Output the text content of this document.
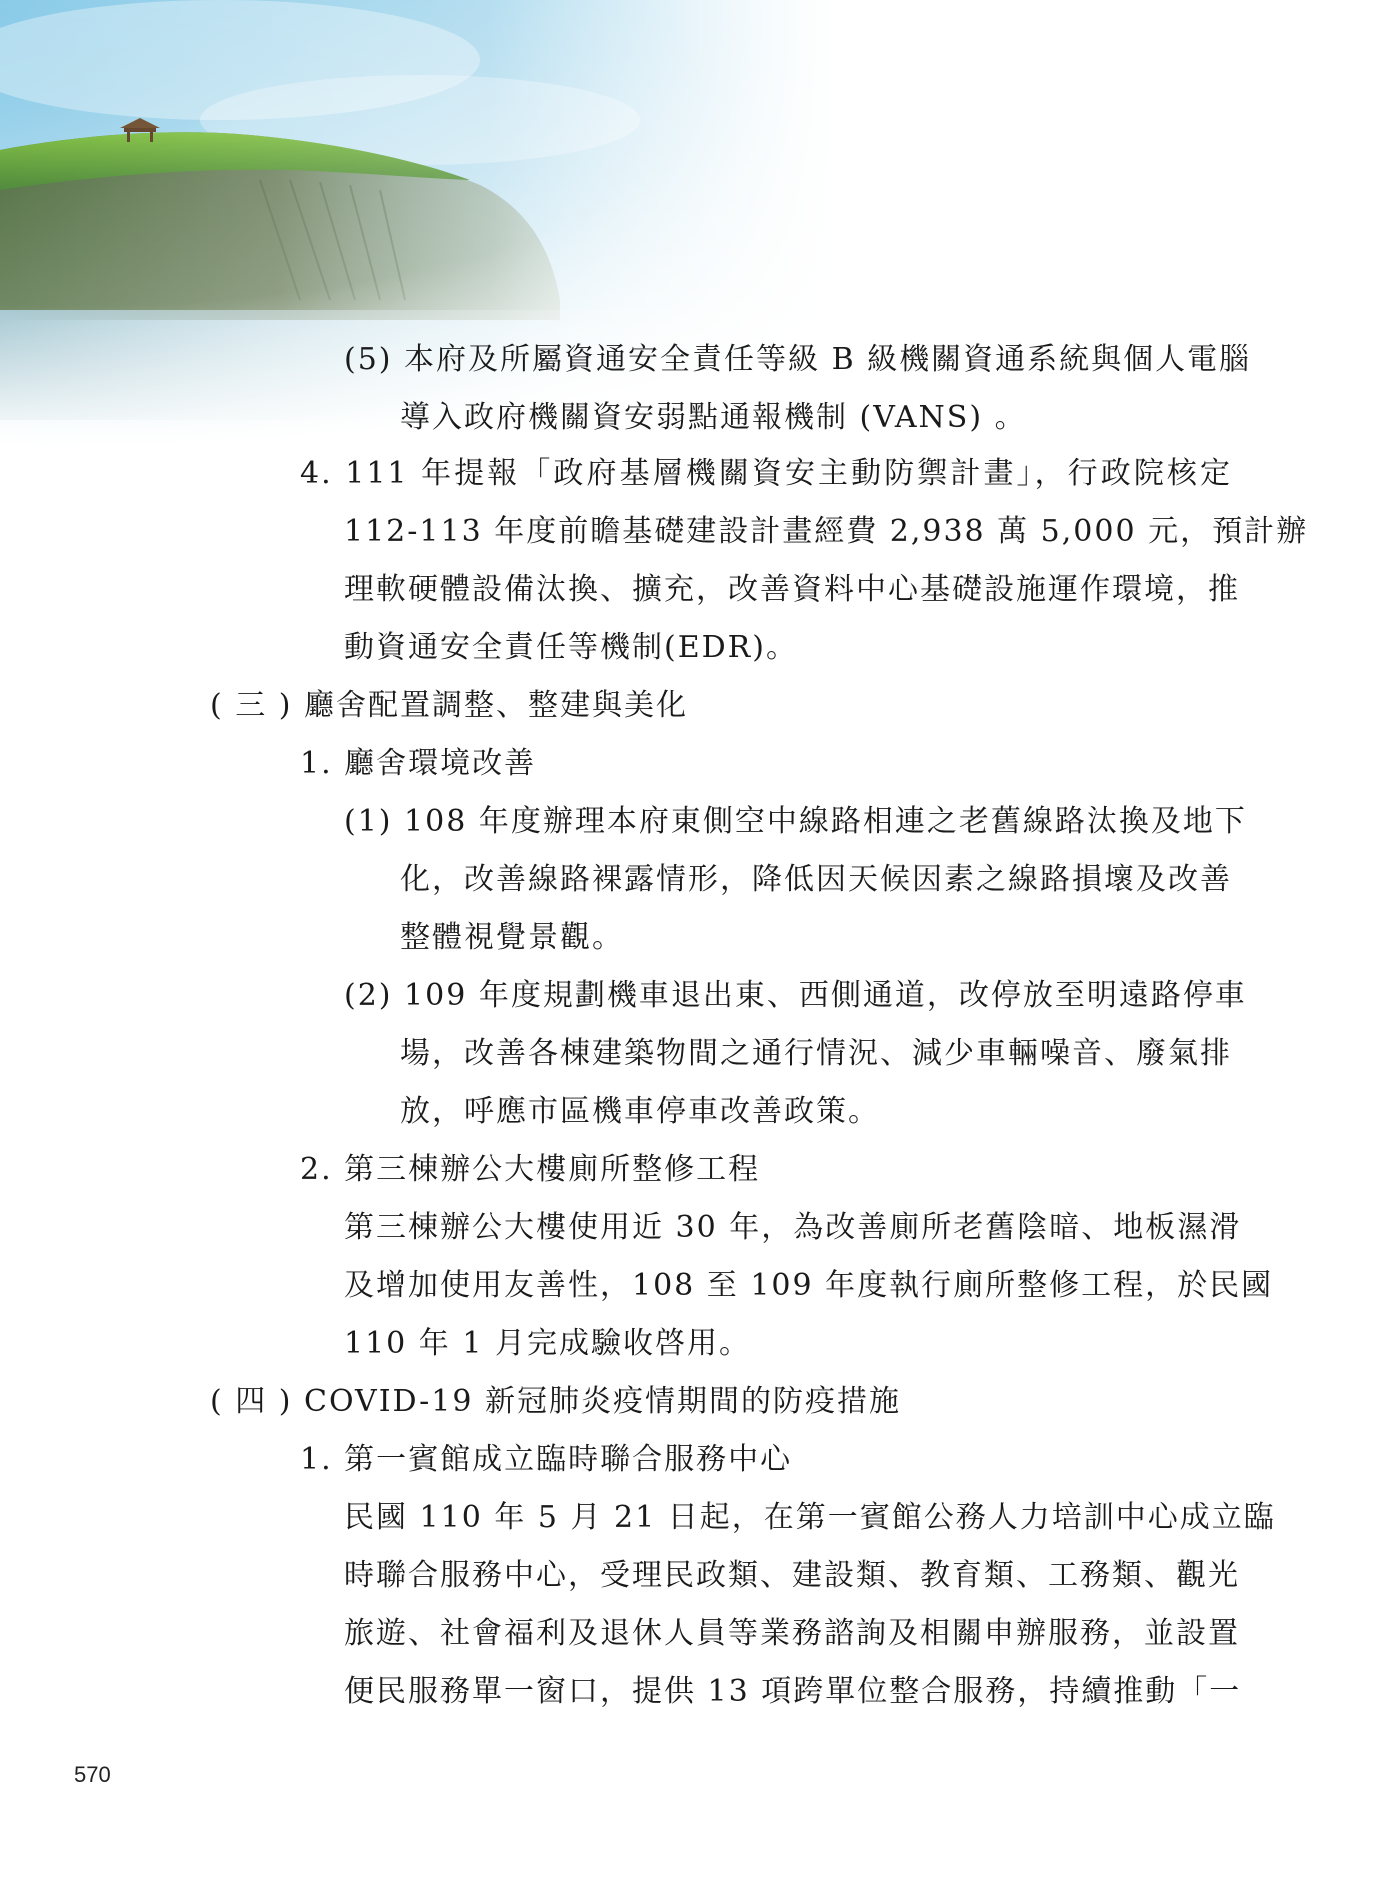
(5) 本府及所屬資通安全責任等級 B 級機關資通系統與個人電腦
導入政府機關資安弱點通報機制 (VANS) 。
4. 111 年提報「政府基層機關資安主動防禦計畫」，行政院核定
112-113 年度前瞻基礎建設計畫經費 2,938 萬 5,000 元，預計辦
理軟硬體設備汰換、擴充，改善資料中心基礎設施運作環境，推
動資通安全責任等機制(EDR)。
( 三 ) 廳舍配置調整、整建與美化
1. 廳舍環境改善
(1) 108 年度辦理本府東側空中線路相連之老舊線路汰換及地下
化，改善線路裸露情形，降低因天候因素之線路損壞及改善
整體視覺景觀。
(2) 109 年度規劃機車退出東、西側通道，改停放至明遠路停車
場，改善各棟建築物間之通行情況、減少車輛噪音、廢氣排
放，呼應市區機車停車改善政策。
2. 第三棟辦公大樓廁所整修工程
第三棟辦公大樓使用近 30 年，為改善廁所老舊陰暗、地板濕滑
及增加使用友善性，108 至 109 年度執行廁所整修工程，於民國
110 年 1 月完成驗收啓用。
( 四 ) COVID-19 新冠肺炎疫情期間的防疫措施
1. 第一賓館成立臨時聯合服務中心
民國 110 年 5 月 21 日起，在第一賓館公務人力培訓中心成立臨
時聯合服務中心，受理民政類、建設類、教育類、工務類、觀光
旅遊、社會福利及退休人員等業務諮詢及相關申辦服務，並設置
便民服務單一窗口，提供 13 項跨單位整合服務，持續推動「一
570
